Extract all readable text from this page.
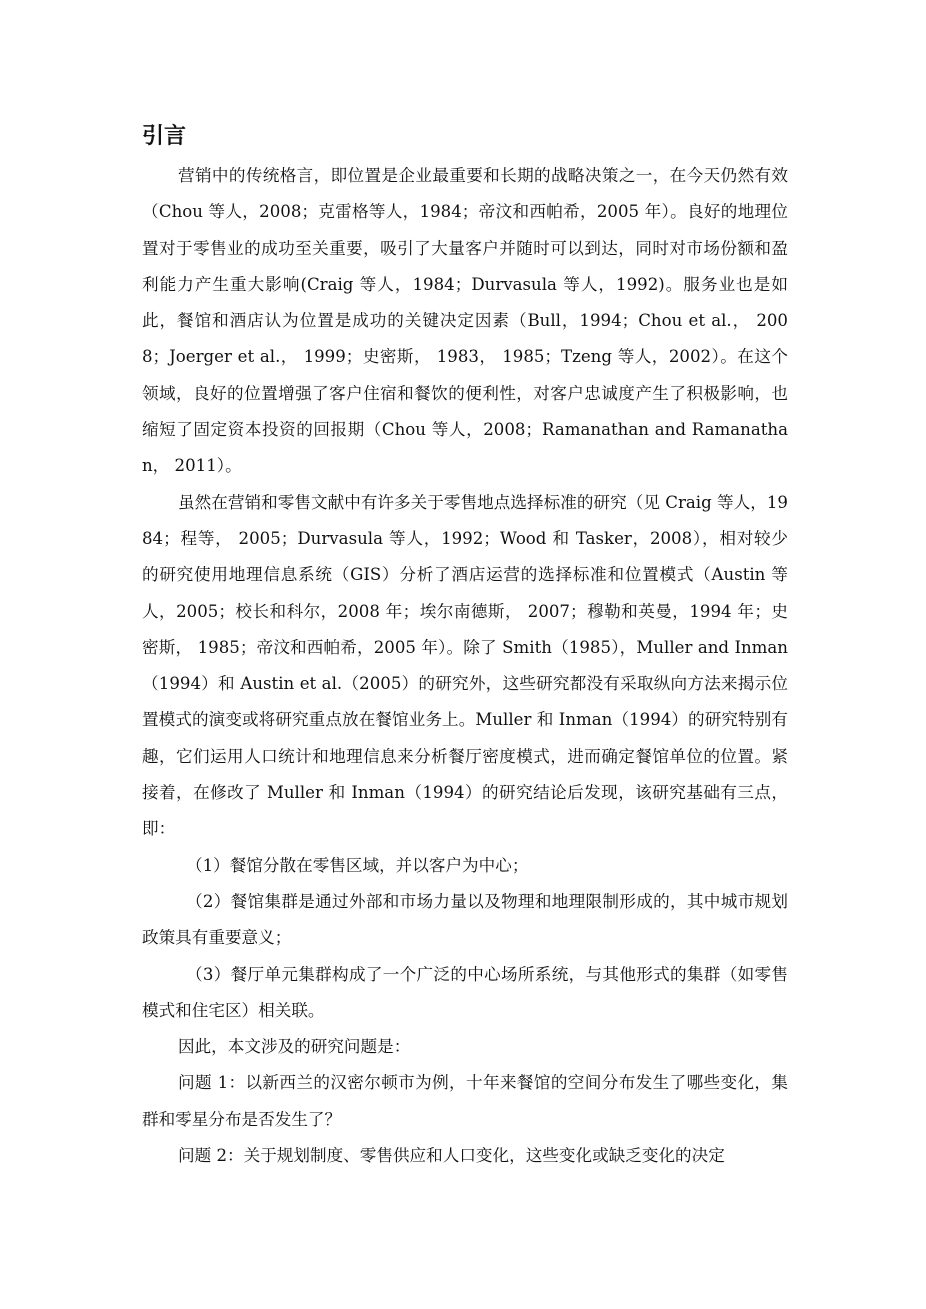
引言

营销中的传统格言，即位置是企业最重要和长期的战略决策之一，在今天仍然有效（Chou 等人，2008；克雷格等人，1984；帝汶和西帕希，2005 年）。良好的地理位置对于零售业的成功至关重要，吸引了大量客户并随时可以到达，同时对市场份额和盈利能力产生重大影响(Craig 等人，1984；Durvasula 等人，1992)。服务业也是如此，餐馆和酒店认为位置是成功的关键决定因素（Bull，1994；Chou et al.， 2008；Joerger et al.， 1999；史密斯， 1983， 1985；Tzeng 等人，2002）。在这个领域，良好的位置增强了客户住宿和餐饮的便利性，对客户忠诚度产生了积极影响，也缩短了固定资本投资的回报期（Chou 等人，2008；Ramanathan and Ramanathan， 2011）。

虽然在营销和零售文献中有许多关于零售地点选择标准的研究（见 Craig 等人，1984；程等， 2005；Durvasula 等人，1992；Wood 和 Tasker，2008），相对较少的研究使用地理信息系统（GIS）分析了酒店运营的选择标准和位置模式（Austin 等人，2005；校长和科尔，2008 年；埃尔南德斯， 2007；穆勒和英曼，1994 年；史密斯， 1985；帝汶和西帕希，2005 年）。除了 Smith（1985），Muller and Inman（1994）和 Austin et al.（2005）的研究外，这些研究都没有采取纵向方法来揭示位置模式的演变或将研究重点放在餐馆业务上。Muller 和 Inman（1994）的研究特别有趣，它们运用人口统计和地理信息来分析餐厅密度模式，进而确定餐馆单位的位置。紧接着，在修改了 Muller 和 Inman（1994）的研究结论后发现，该研究基础有三点，即：

（1）餐馆分散在零售区域，并以客户为中心；

（2）餐馆集群是通过外部和市场力量以及物理和地理限制形成的，其中城市规划政策具有重要意义；

（3）餐厅单元集群构成了一个广泛的中心场所系统，与其他形式的集群（如零售模式和住宅区）相关联。

因此，本文涉及的研究问题是：

问题 1：以新西兰的汉密尔顿市为例，十年来餐馆的空间分布发生了哪些变化，集群和零星分布是否发生了？

问题 2：关于规划制度、零售供应和人口变化，这些变化或缺乏变化的决定
